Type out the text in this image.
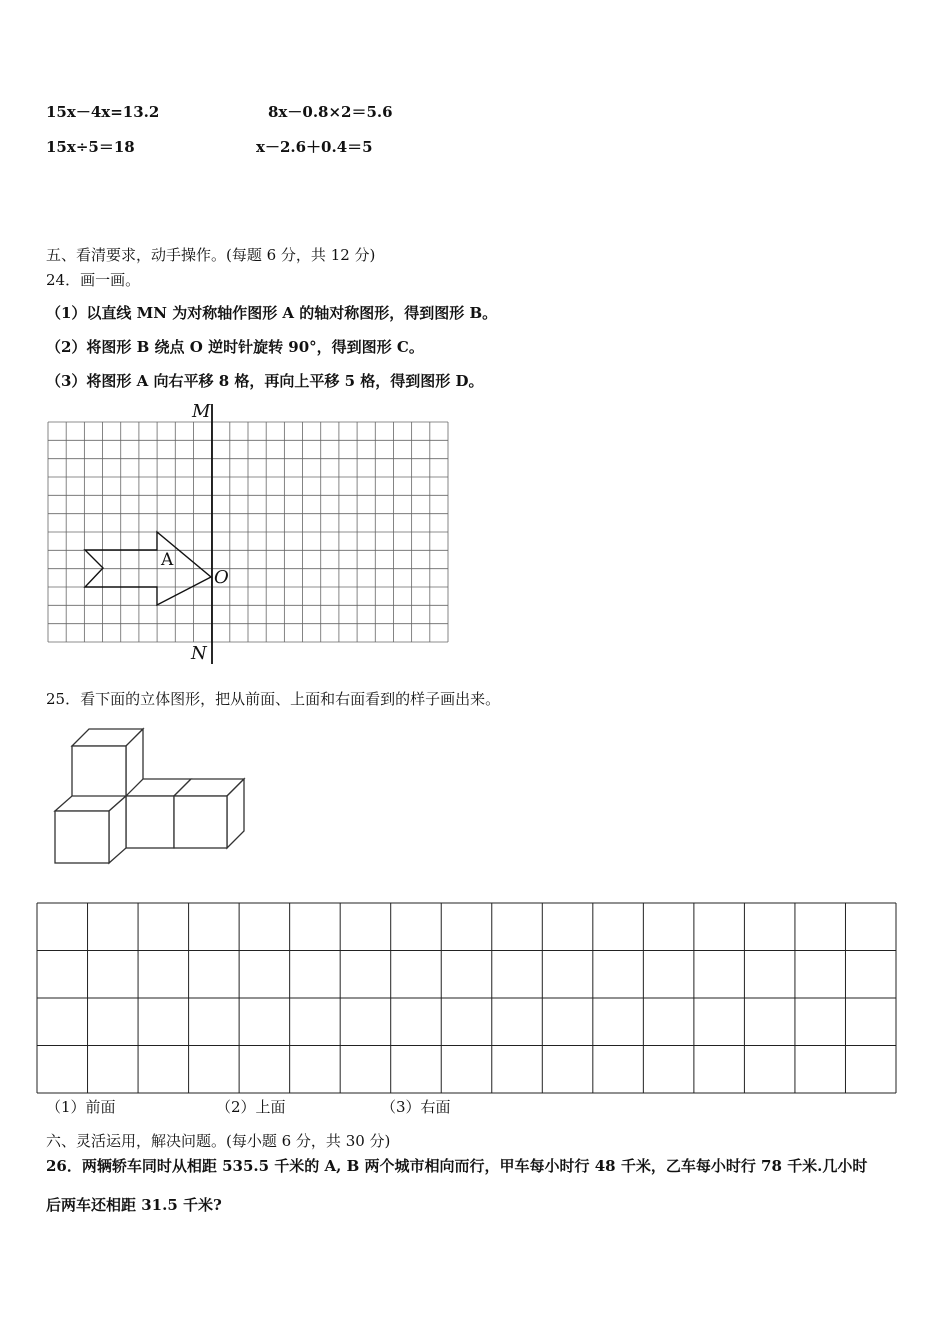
15x－4x=13.2	8x－0.8×2＝5.6
15x÷5＝18	x－2.6＋0.4＝5
五、看清要求，动手操作。(每题 6 分，共 12 分)
24．画一画。
（1）以直线 MN 为对称轴作图形 A 的轴对称图形，得到图形 B。
（2）将图形 B 绕点 O 逆时针旋转 90°，得到图形 C。
（3）将图形 A 向右平移 8 格，再向上平移 5 格，得到图形 D。
M
N
O
A
25．看下面的立体图形，把从前面、上面和右面看到的样子画出来。
（1）前面	（2）上面	（3）右面
六、灵活运用，解决问题。(每小题 6 分，共 30 分)
26．两辆轿车同时从相距 535.5 千米的 A, B 两个城市相向而行，甲车每小时行 48 千米，乙车每小时行 78 千米.几小时
后两车还相距 31.5 千米?
